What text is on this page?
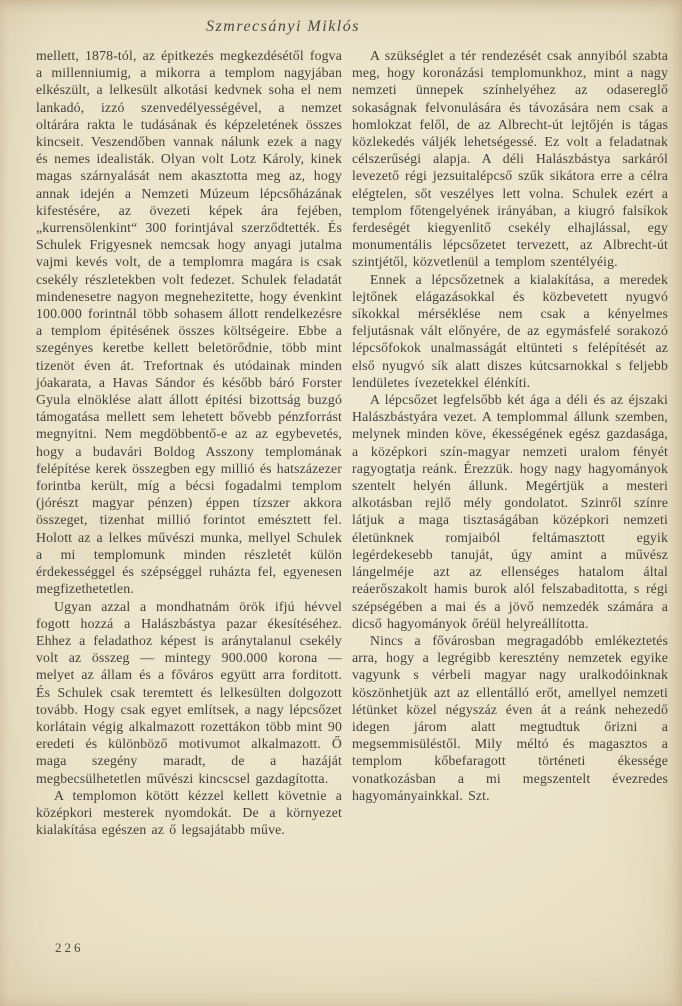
Szmrecsányi Miklós

mellett, 1878-tól, az épitkezés megkezdésétől fogva a millenniumig, a mikorra a templom nagyjában elkészült, a lelkesült alkotási kedvnek soha el nem lankadó, izzó szenvedélyességével, a nemzet oltárára rakta le tudásának és képzeletének összes kincseit. Veszendőben vannak nálunk ezek a nagy és nemes idealisták. Olyan volt Lotz Károly, kinek magas szárnyalását nem akasztotta meg az, hogy annak idején a Nemzeti Múzeum lépcsőházának kifestésére, az övezeti képek ára fejében, „kurrensölenkint“ 300 forintjával szerződtették. És Schulek Frigyesnek nemcsak hogy anyagi jutalma vajmi kevés volt, de a templomra magára is csak csekély részletekben volt fedezet. Schulek feladatát mindenesetre nagyon megnehezitette, hogy évenkint 100.000 forintnál több sohasem állott rendelkezésre a templom épitésének összes költségeire. Ebbe a szegényes keretbe kellett beletörődnie, több mint tizenöt éven át. Trefortnak és utódainak minden jóakarata, a Havas Sándor és később báró Forster Gyula elnöklése alatt állott épitési bizottság buzgó támogatása mellett sem lehetett bővebb pénzforrást megnyitni. Nem megdöbbentő-e az az egybevetés, hogy a budavári Boldog Asszony templomának felépítése kerek összegben egy millió és hatszázezer forintba került, míg a bécsi fogadalmi templom (jórészt magyar pénzen) éppen tízszer akkora összeget, tizenhat millió forintot emésztett fel. Holott az a lelkes művészi munka, mellyel Schulek a mi templomunk minden részletét külön érdekességgel és szépséggel ruházta fel, egyenesen megfizethetetlen.

Ugyan azzal a mondhatnám örök ifjú hévvel fogott hozzá a Halászbástya pazar ékesítéséhez. Ehhez a feladathoz képest is aránytalanul csekély volt az összeg — mintegy 900.000 korona — melyet az állam és a főváros együtt arra forditott. És Schulek csak teremtett és lelkesülten dolgozott tovább. Hogy csak egyet említsek, a nagy lépcsőzet korlátain végig alkalmazott rozettákon több mint 90 eredeti és különböző motivumot alkalmazott. Ő maga szegény maradt, de a hazáját megbecsülhetetlen művészi kincscsel gazdagította.

A templomon kötött kézzel kellett követnie a középkori mesterek nyomdokát. De a környezet kialakítása egészen az ő legsajátabb műve.

A szükséglet a tér rendezését csak annyiból szabta meg, hogy koronázási templomunkhoz, mint a nagy nemzeti ünnepek színhelyéhez az odasereglő sokaságnak felvonulására és távozására nem csak a homlokzat felől, de az Albrecht-út lejtőjén is tágas közlekedés váljék lehetségessé. Ez volt a feladatnak célszerűségi alapja. A déli Halászbástya sarkáról levezető régi jezsuitalépcső szűk sikátora erre a célra elégtelen, sőt veszélyes lett volna. Schulek ezért a templom főtengelyének irányában, a kiugró falsíkok ferdeségét kiegyenlitő csekély elhajlással, egy monumentális lépcsőzetet tervezett, az Albrecht-út szintjétől, közvetlenül a templom szentélyéig.

Ennek a lépcsőzetnek a kialakítása, a meredek lejtőnek elágazásokkal és közbevetett nyugvó síkokkal mérséklése nem csak a kényelmes feljutásnak vált előnyére, de az egymásfelé sorakozó lépcsőfokok unalmasságát eltünteti s felépítését az első nyugvó sík alatt diszes kútcsarnokkal s feljebb lendületes ívezetekkel élénkíti.

A lépcsőzet legfelsőbb két ága a déli és az éjszaki Halászbástyára vezet. A templommal állunk szemben, melynek minden köve, ékességének egész gazdasága, a középkori szín-magyar nemzeti uralom fényét ragyogtatja reánk. Érezzük. hogy nagy hagyományok szentelt helyén állunk. Megértjük a mesteri alkotásban rejlő mély gondolatot. Szinről színre látjuk a maga tisztaságában középkori nemzeti életünknek romjaiból feltámasztott egyik legérdekesebb tanuját, úgy amint a művész lángelméje azt az ellenséges hatalom által reáerőszakolt hamis burok alól felszabaditotta, s régi szépségében a mai és a jövő nemzedék számára a dicső hagyományok őréül helyreállította.

Nincs a fővárosban megragadóbb emlékeztetés arra, hogy a legrégibb keresztény nemzetek egyike vagyunk s vérbeli magyar nagy uralkodóinknak köszönhetjük azt az ellentálló erőt, amellyel nemzeti létünket közel négyszáz éven át a reánk nehezedő idegen járom alatt megtudtuk őrizni a megsemmisüléstől. Mily méltó és magasztos a templom kőbefaragott történeti ékessége vonatkozásban a mi megszentelt évezredes hagyományainkkal. Szt.

226
